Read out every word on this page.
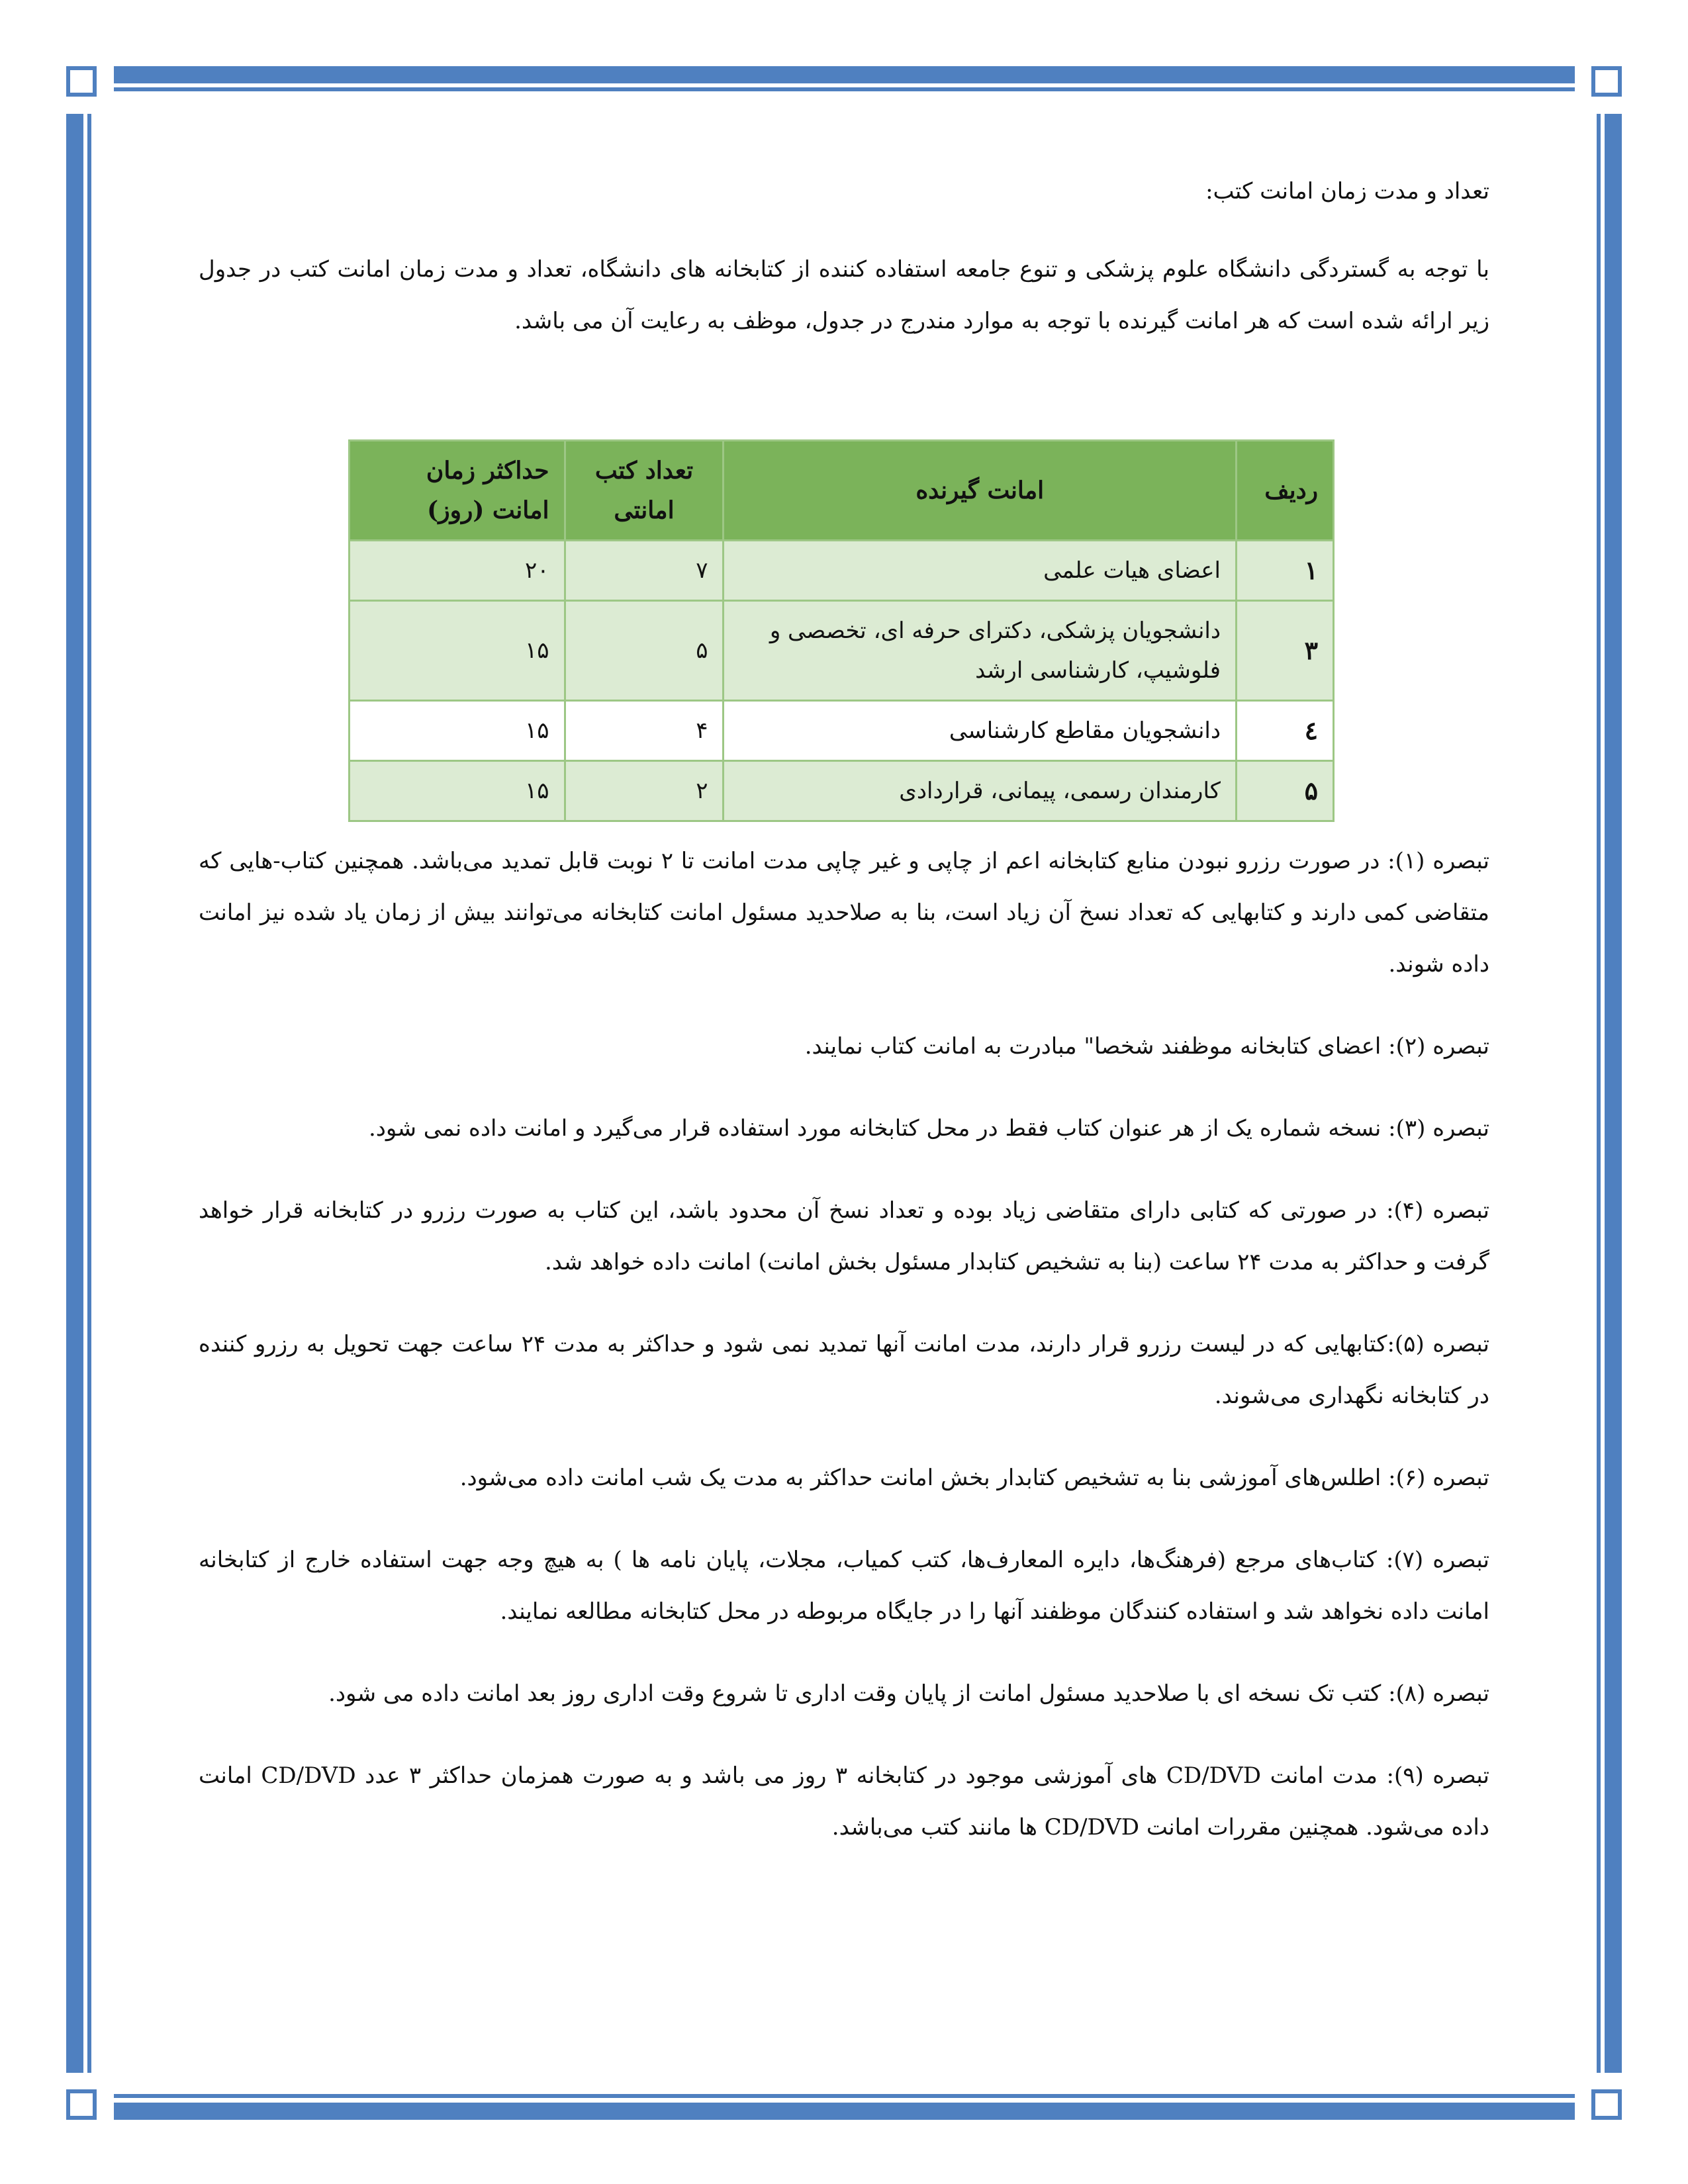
تعداد و مدت زمان امانت کتب:

با توجه به گستردگی دانشگاه علوم پزشکی و تنوع جامعه استفاده کننده از کتابخانه های دانشگاه، تعداد و مدت زمان امانت کتب در جدول زیر ارائه شده است که هر امانت گیرنده با توجه به موارد مندرج در جدول، موظف به رعایت آن می باشد.

ردیف	امانت گیرنده	تعداد کتب امانتی	حداکثر زمان امانت (روز)
۱	اعضای هیات علمی	۷	۲۰
۳	دانشجویان پزشکی، دکترای حرفه ای، تخصصی و فلوشیپ، کارشناسی ارشد	۵	۱۵
٤	دانشجویان مقاطع کارشناسی	۴	۱۵
۵	کارمندان رسمی، پیمانی، قراردادی	۲	۱۵

تبصره (۱): در صورت رزرو نبودن منابع کتابخانه اعم از چاپی و غیر چاپی مدت امانت تا ۲ نوبت قابل تمدید می‌باشد. همچنین کتاب-هایی که متقاضی کمی دارند و کتابهایی که تعداد نسخ آن زیاد است، بنا به صلاحدید مسئول امانت کتابخانه می‌توانند بیش از زمان یاد شده نیز امانت داده شوند.

تبصره (۲): اعضای کتابخانه موظفند شخصا" مبادرت به امانت کتاب نمایند.

تبصره (۳): نسخه شماره یک از هر عنوان کتاب فقط در محل کتابخانه مورد استفاده قرار می‌گیرد و امانت داده نمی شود.

تبصره (۴): در صورتی که کتابی دارای متقاضی زیاد بوده و تعداد نسخ آن محدود باشد، این کتاب به صورت رزرو در کتابخانه قرار خواهد گرفت و حداکثر به مدت ۲۴ ساعت (بنا به تشخیص کتابدار مسئول بخش امانت) امانت داده خواهد شد.

تبصره (۵):کتابهایی که در لیست رزرو قرار دارند، مدت امانت آنها تمدید نمی شود و حداکثر به مدت ۲۴ ساعت جهت تحویل به رزرو کننده در کتابخانه نگهداری می‌شوند.

تبصره (۶): اطلس‌های آموزشی بنا به تشخیص کتابدار بخش امانت حداکثر به مدت یک شب امانت داده می‌شود.

تبصره (۷): کتاب‌های مرجع (فرهنگ‌ها، دایره المعارف‌ها، کتب کمیاب، مجلات، پایان نامه ها ) به هیچ وجه جهت استفاده خارج از کتابخانه امانت داده نخواهد شد و استفاده کنندگان موظفند آنها را در جایگاه مربوطه در محل کتابخانه مطالعه نمایند.

تبصره (۸): کتب تک نسخه ای با صلاحدید مسئول امانت از پایان وقت اداری تا شروع وقت اداری روز بعد امانت داده می شود.

تبصره (۹): مدت امانت CD/DVD های آموزشی موجود در کتابخانه ۳ روز می باشد و به صورت همزمان حداکثر ۳ عدد CD/DVD امانت داده می‌شود. همچنین مقررات امانت CD/DVD ها مانند کتب می‌باشد.
